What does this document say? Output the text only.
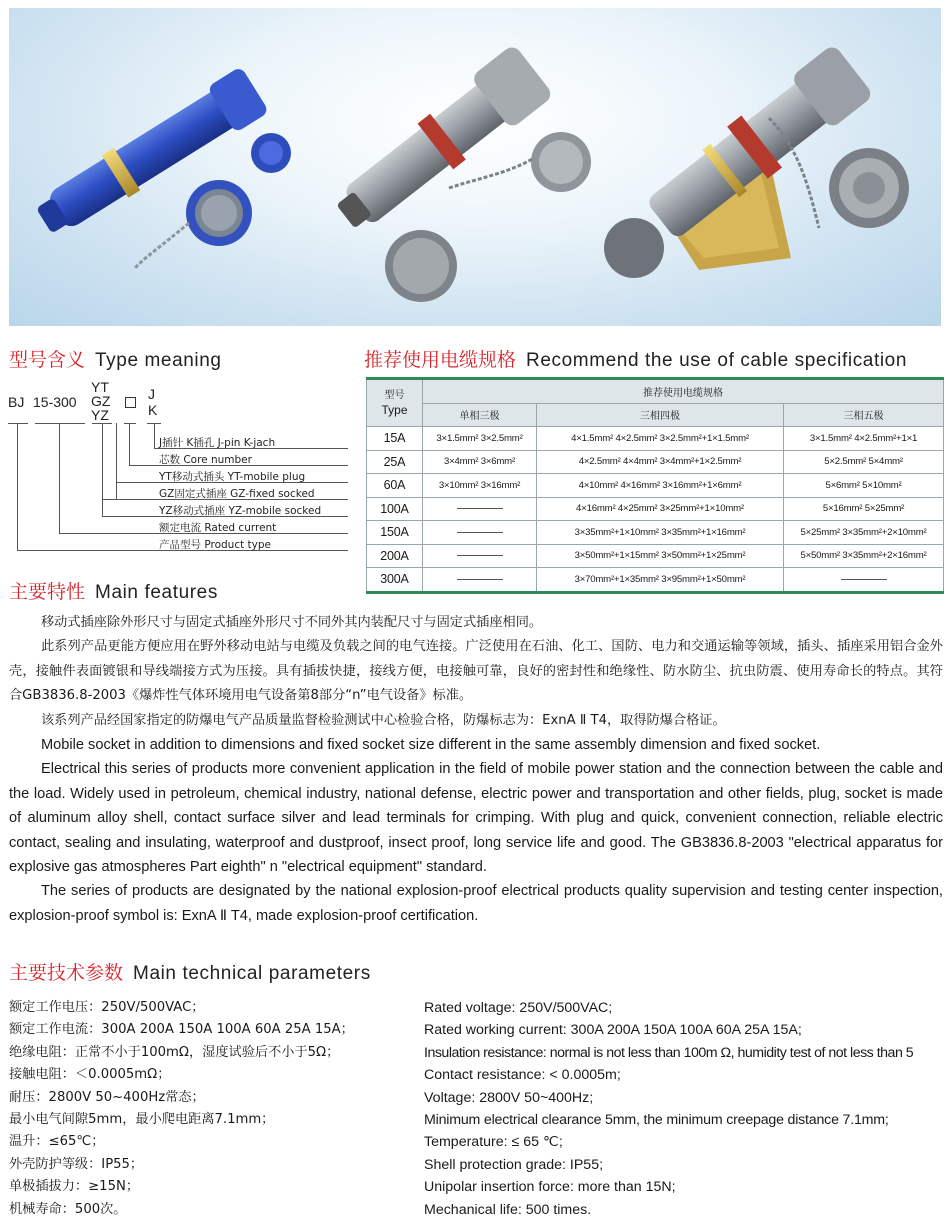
型号含义 Type meaning
BJ 15-300
YT
GZ
YZ
J
K
J插针 K插孔 J-pin K-jach
芯数 Core number
YT移动式插头 YT-mobile plug
GZ固定式插座 GZ-fixed socked
YZ移动式插座 YZ-mobile socked
额定电流 Rated current
产品型号 Product type
推荐使用电缆规格 Recommend the use of cable specification
型号
Type	推荐使用电缆规格		
	单相三极	三相四极	三相五极
15A	3×1.5mm² 3×2.5mm²	4×1.5mm² 4×2.5mm² 3×2.5mm²+1×1.5mm²	3×1.5mm² 4×2.5mm²+1×1
25A	3×4mm² 3×6mm²	4×2.5mm² 4×4mm² 3×4mm²+1×2.5mm²	5×2.5mm² 5×4mm²
60A	3×10mm² 3×16mm²	4×10mm² 4×16mm² 3×16mm²+1×6mm²	5×6mm² 5×10mm²
100A		4×16mm² 4×25mm² 3×25mm²+1×10mm²	5×16mm² 5×25mm²
150A		3×35mm²+1×10mm² 3×35mm²+1×16mm²	5×25mm² 3×35mm²+2×10mm²
200A		3×50mm²+1×15mm² 3×50mm²+1×25mm²	5×50mm² 3×35mm²+2×16mm²
300A		3×70mm²+1×35mm² 3×95mm²+1×50mm²	
主要特性 Main features

移动式插座除外形尺寸与固定式插座外形尺寸不同外其内装配尺寸与固定式插座相同。

此系列产品更能方便应用在野外移动电站与电缆及负载之间的电气连接。广泛使用在石油、化工、国防、电力和交通运输等领域，插头、插座采用铝合金外壳，接触件表面镀银和导线端接方式为压接。具有插拔快捷，接线方便，电接触可靠，良好的密封性和绝缘性、防水防尘、抗虫防震、使用寿命长的特点。其符合GB3836.8-2003《爆炸性气体环境用电气设备第8部分“n”电气设备》标准。

该系列产品经国家指定的防爆电气产品质量监督检验测试中心检验合格，防爆标志为：ExnA Ⅱ T4，取得防爆合格证。

Mobile socket in addition to dimensions and fixed socket size different in the same assembly dimension and fixed socket.

Electrical this series of products more convenient application in the field of mobile power station and the connection between the cable and the load. Widely used in petroleum, chemical industry, national defense, electric power and transportation and other fields, plug, socket is made of aluminum alloy shell, contact surface silver and lead terminals for crimping. With plug and quick, convenient connection, reliable electric contact, sealing and insulating, waterproof and dustproof, insect proof, long service life and good. The GB3836.8-2003 "electrical apparatus for explosive gas atmospheres Part eighth" n "electrical equipment" standard.

The series of products are designated by the national explosion-proof electrical products quality supervision and testing center inspection, explosion-proof symbol is: ExnA Ⅱ T4, made explosion-proof certification.

主要技术参数 Main technical parameters
额定工作电压：250V/500VAC；
额定工作电流：300A 200A 150A 100A 60A 25A 15A；
绝缘电阻：正常不小于100mΩ，湿度试验后不小于5Ω；
接触电阻：＜0.0005mΩ；
耐压：2800V 50~400Hz常态；
最小电气间隙5mm，最小爬电距离7.1mm；
温升：≤65℃；
外壳防护等级：IP55；
单极插拔力：≥15N；
机械寿命：500次。
Rated voltage: 250V/500VAC;
Rated working current: 300A 200A 150A 100A 60A 25A 15A;
Insulation resistance: normal is not less than 100m Ω, humidity test of not less than 5
Contact resistance: < 0.0005m;
Voltage: 2800V 50~400Hz;
Minimum electrical clearance 5mm, the minimum creepage distance 7.1mm;
Temperature: ≤ 65 ℃;
Shell protection grade: IP55;
Unipolar insertion force: more than 15N;
Mechanical life: 500 times.
